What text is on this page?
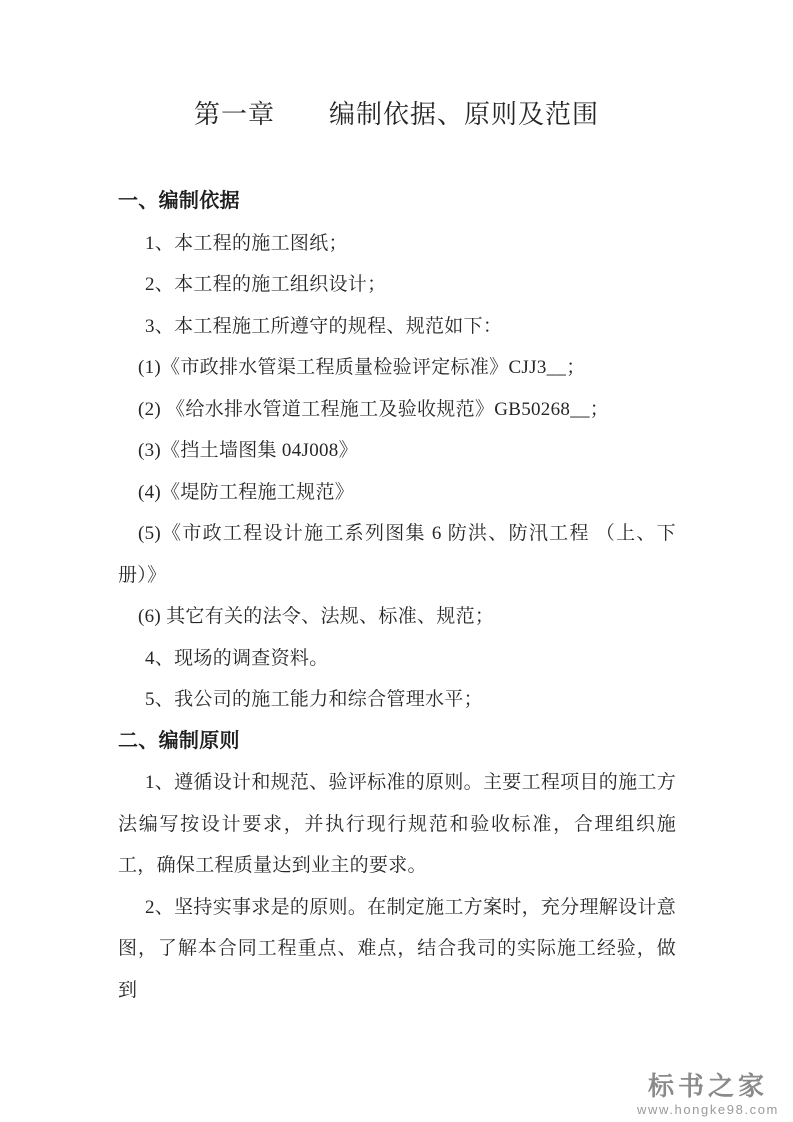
第一章　　编制依据、原则及范围
一、编制依据

1、本工程的施工图纸；

2、本工程的施工组织设计；

3、本工程施工所遵守的规程、规范如下：

(1)《市政排水管渠工程质量检验评定标准》CJJ3__；

(2) 《给水排水管道工程施工及验收规范》GB50268__；

(3)《挡土墙图集 04J008》

(4)《堤防工程施工规范》

(5)《市政工程设计施工系列图集 6 防洪、防汛工程 （上、下册）》

(6) 其它有关的法令、法规、标准、规范；

4、现场的调查资料。

5、我公司的施工能力和综合管理水平；

二、编制原则

1、遵循设计和规范、验评标准的原则。主要工程项目的施工方法编写按设计要求，并执行现行规范和验收标准，合理组织施工，确保工程质量达到业主的要求。

2、坚持实事求是的原则。在制定施工方案时，充分理解设计意图，了解本合同工程重点、难点，结合我司的实际施工经验，做到

标书之家
www.hongke98.com
